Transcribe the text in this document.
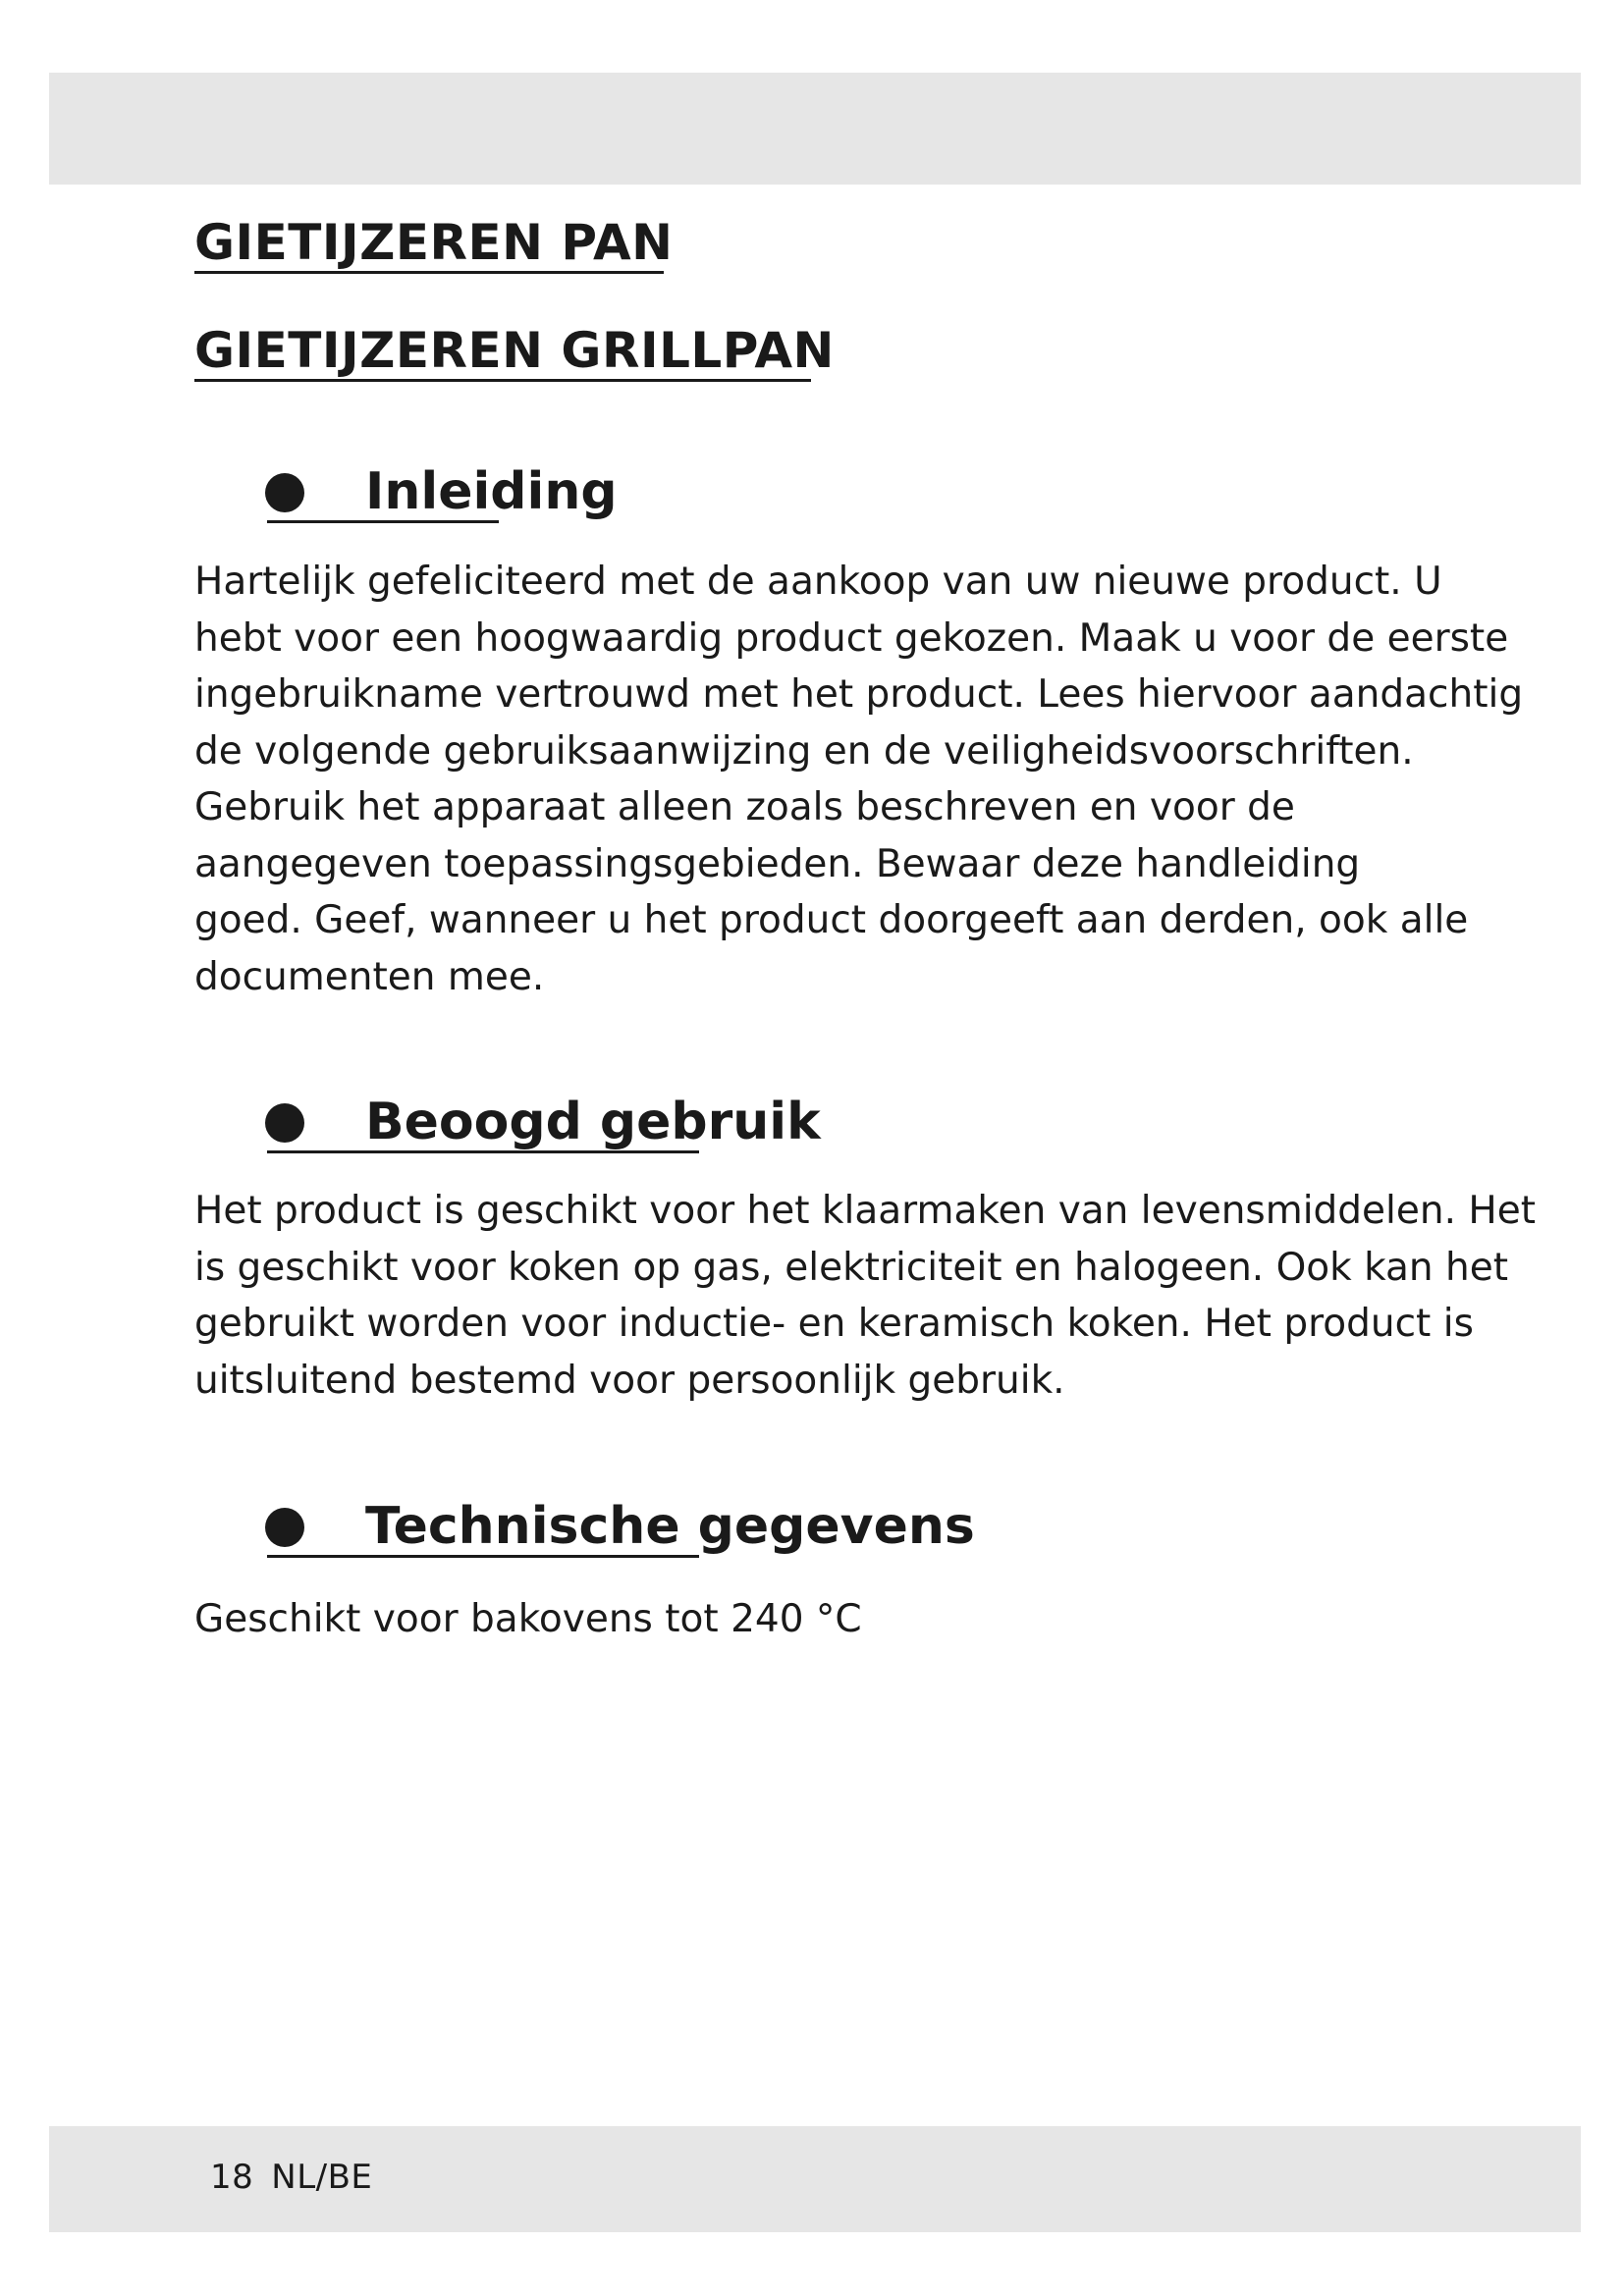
GIETIJZEREN PAN
GIETIJZEREN GRILLPAN
Inleiding

Hartelijk gefeliciteerd met de aankoop van uw nieuwe product. U
hebt voor een hoogwaardig product gekozen. Maak u voor de eerste
ingebruikname vertrouwd met het product. Lees hiervoor aandachtig
de volgende gebruiksaanwijzing en de veiligheidsvoorschriften.
Gebruik het apparaat alleen zoals beschreven en voor de
aangegeven toepassingsgebieden. Bewaar deze handleiding
goed. Geef, wanneer u het product doorgeeft aan derden, ook alle
documenten mee.

Beoogd gebruik

Het product is geschikt voor het klaarmaken van levensmiddelen. Het
is geschikt voor koken op gas, elektriciteit en halogeen. Ook kan het
gebruikt worden voor inductie- en keramisch koken. Het product is
uitsluitend bestemd voor persoonlijk gebruik.

Technische gegevens

Geschikt voor bakovens tot 240 °C

18 NL/BE
